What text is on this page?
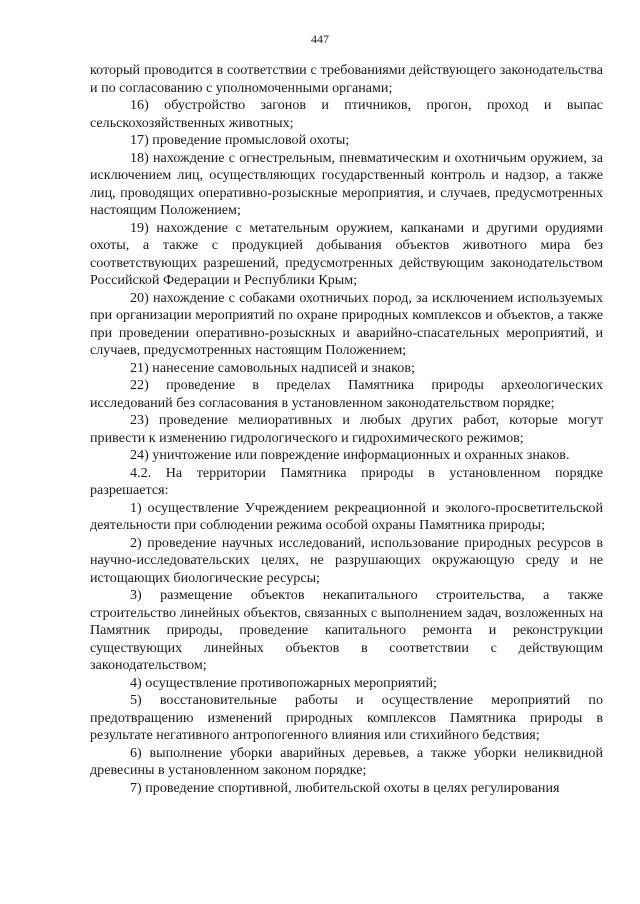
447

который проводится в соответствии с требованиями действующего законодательства и по согласованию с уполномоченными органами;

16) обустройство загонов и птичников, прогон, проход и выпас сельскохозяйственных животных;

17) проведение промысловой охоты;

18) нахождение с огнестрельным, пневматическим и охотничьим оружием, за исключением лиц, осуществляющих государственный контроль и надзор, а также лиц, проводящих оперативно-розыскные мероприятия, и случаев, предусмотренных настоящим Положением;

19) нахождение с метательным оружием, капканами и другими орудиями охоты, а также с продукцией добывания объектов животного мира без соответствующих разрешений, предусмотренных действующим законодательством Российской Федерации и Республики Крым;

20) нахождение с собаками охотничьих пород, за исключением используемых при организации мероприятий по охране природных комплексов и объектов, а также при проведении оперативно-розыскных и аварийно-спасательных мероприятий, и случаев, предусмотренных настоящим Положением;

21) нанесение самовольных надписей и знаков;

22) проведение в пределах Памятника природы археологических исследований без согласования в установленном законодательством порядке;

23) проведение мелиоративных и любых других работ, которые могут привести к изменению гидрологического и гидрохимического режимов;

24) уничтожение или повреждение информационных и охранных знаков.

4.2. На территории Памятника природы в установленном порядке разрешается:

1) осуществление Учреждением рекреационной и эколого-просветительской деятельности при соблюдении режима особой охраны Памятника природы;

2) проведение научных исследований, использование природных ресурсов в научно-исследовательских целях, не разрушающих окружающую среду и не истощающих биологические ресурсы;

3) размещение объектов некапитального строительства, а также строительство линейных объектов, связанных с выполнением задач, возложенных на Памятник природы, проведение капитального ремонта и реконструкции существующих линейных объектов в соответствии с действующим законодательством;

4) осуществление противопожарных мероприятий;

5) восстановительные работы и осуществление мероприятий по предотвращению изменений природных комплексов Памятника природы в результате негативного антропогенного влияния или стихийного бедствия;

6) выполнение уборки аварийных деревьев, а также уборки неликвидной древесины в установленном законом порядке;

7) проведение спортивной, любительской охоты в целях регулирования
